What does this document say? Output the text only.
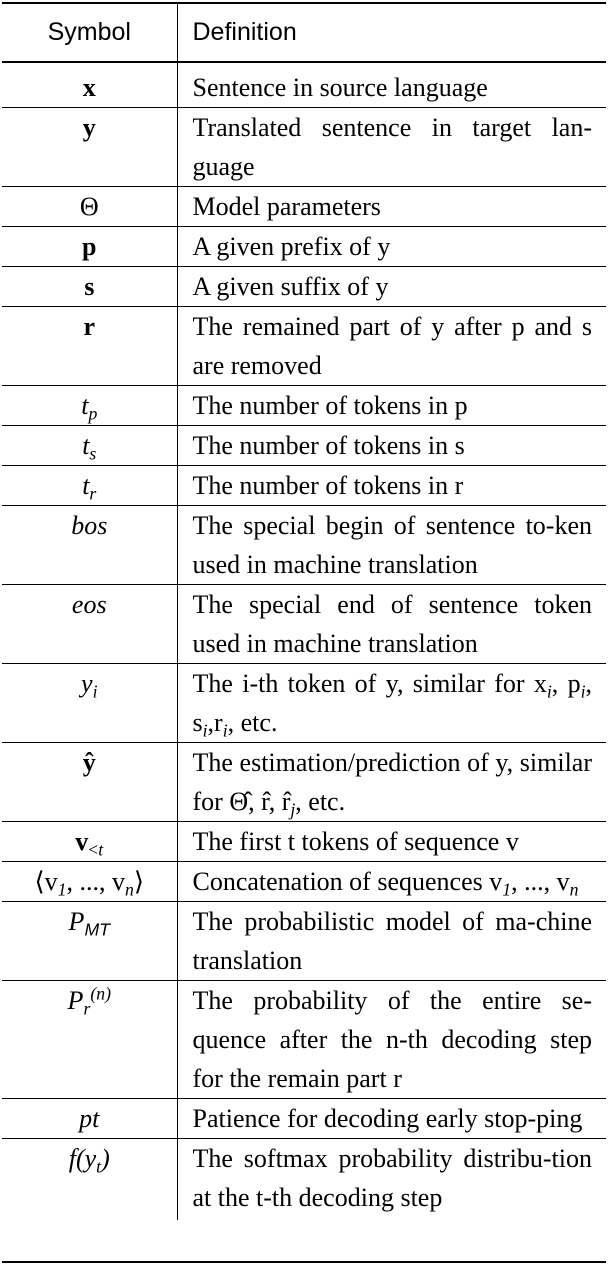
Symbol	Definition
x	Sentence in source language
y	Translated sentence in target lan-guage
Θ	Model parameters
p	A given prefix of y
s	A given suffix of y
r	The remained part of y after p and s are removed
$t_p$	The number of tokens in p
$t_s$	The number of tokens in s
$t_r$	The number of tokens in r
bos	The special begin of sentence to-ken used in machine translation
eos	The special end of sentence token used in machine translation
$y_i$	The i-th token of y, similar for $x_i$, $p_i$, $s_i,r_i$, etc.
ŷ	The estimation/prediction of y, similar for Θ̂, r̂, $r̂_j$, etc.
$v_{<t}$	The first t tokens of sequence v
$⟨v_1$, ..., $v_n⟩$	Concatenation of sequences $v_1$, ..., $v_n$
$P_{MT}$	The probabilistic model of ma-chine translation
$P_r^{(n)}$	The probability of the entire se-quence after the n-th decoding step for the remain part r
pt	Patience for decoding early stop-ping
$f(y_t)$	The softmax probability distribu-tion at the t-th decoding step
